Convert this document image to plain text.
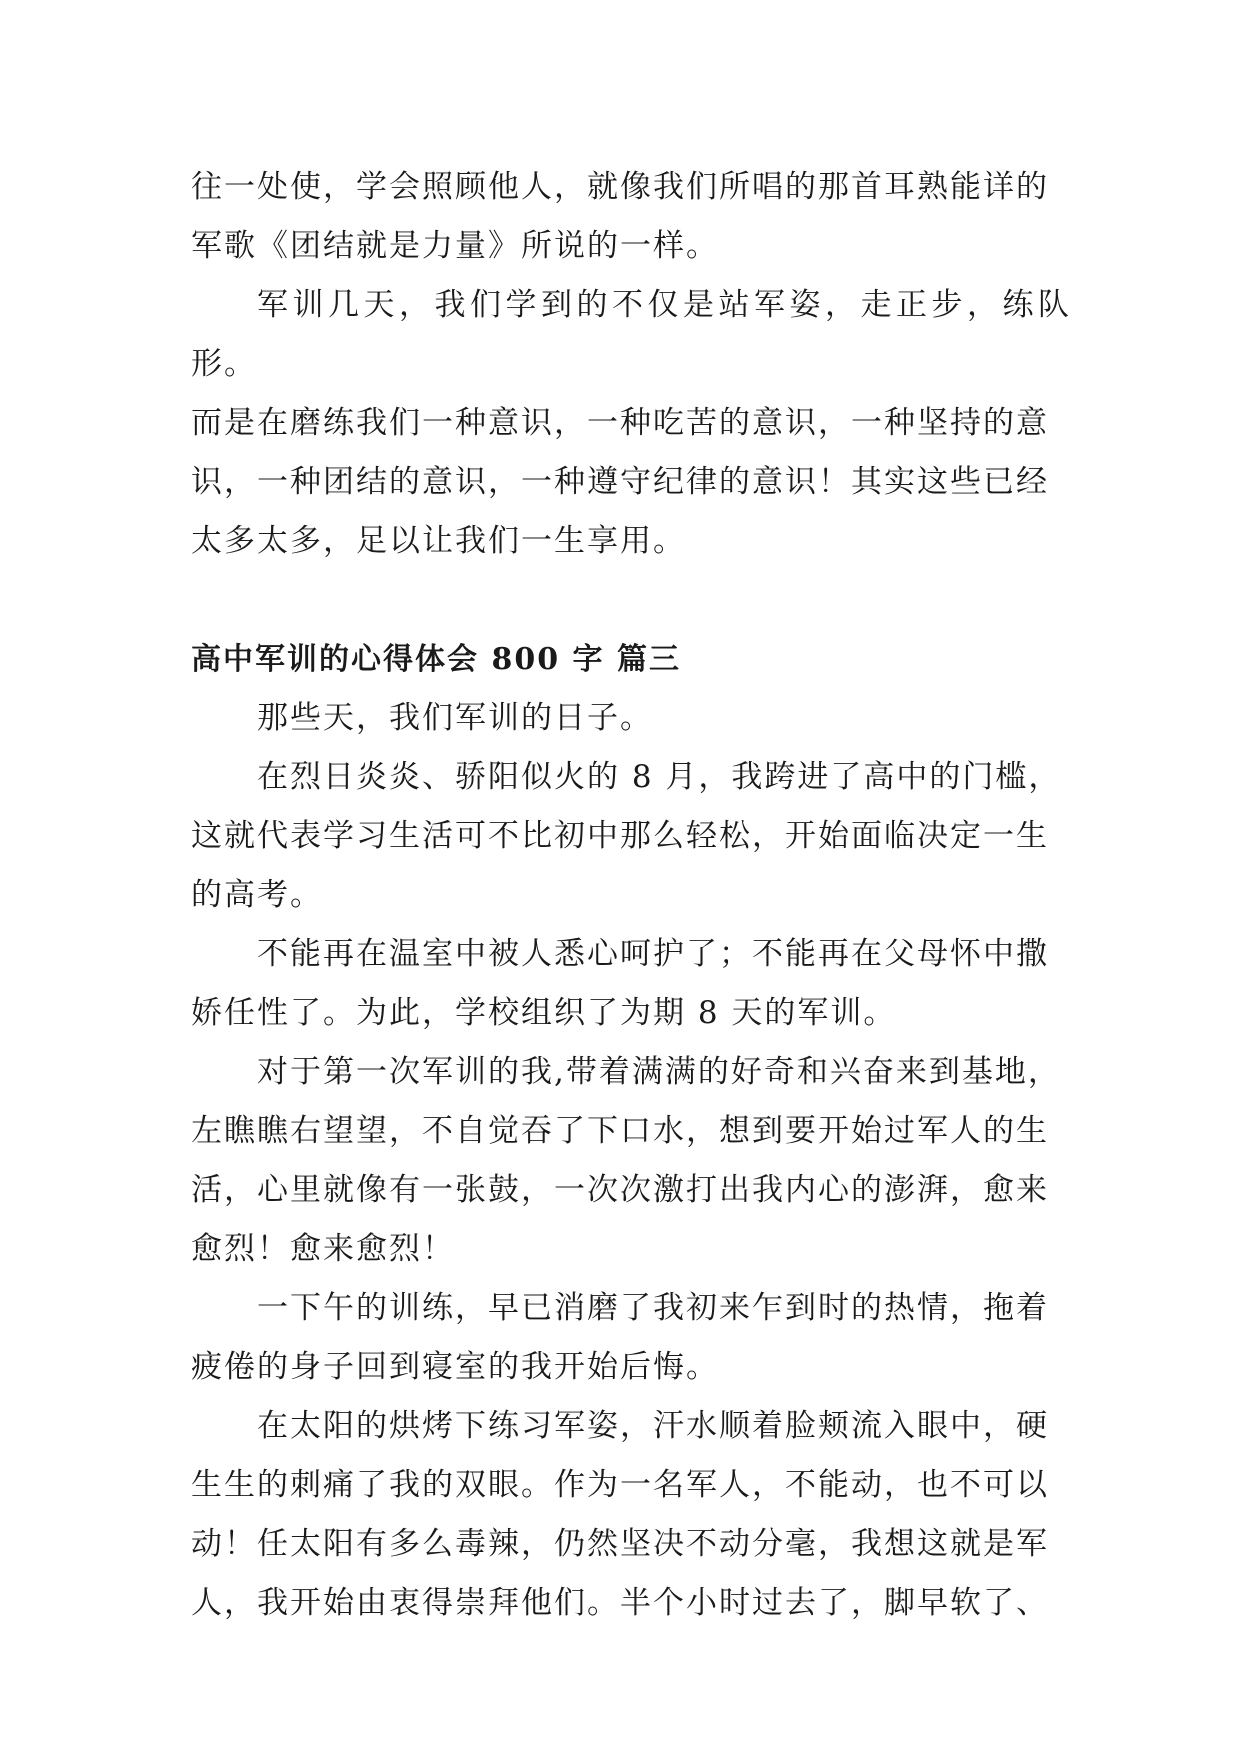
往一处使，学会照顾他人，就像我们所唱的那首耳熟能详的
军歌《团结就是力量》所说的一样。

军训几天，我们学到的不仅是站军姿，走正步，练队形。
而是在磨练我们一种意识，一种吃苦的意识，一种坚持的意
识，一种团结的意识，一种遵守纪律的意识！其实这些已经
太多太多，足以让我们一生享用。

高中军训的心得体会 800 字 篇三

那些天，我们军训的日子。

在烈日炎炎、骄阳似火的 8 月，我跨进了高中的门槛，
这就代表学习生活可不比初中那么轻松，开始面临决定一生
的高考。

不能再在温室中被人悉心呵护了；不能再在父母怀中撒
娇任性了。为此，学校组织了为期 8 天的军训。

对于第一次军训的我,带着满满的好奇和兴奋来到基地，
左瞧瞧右望望，不自觉吞了下口水，想到要开始过军人的生
活，心里就像有一张鼓，一次次激打出我内心的澎湃，愈来
愈烈！愈来愈烈！

一下午的训练，早已消磨了我初来乍到时的热情，拖着
疲倦的身子回到寝室的我开始后悔。

在太阳的烘烤下练习军姿，汗水顺着脸颊流入眼中，硬
生生的刺痛了我的双眼。作为一名军人，不能动，也不可以
动！任太阳有多么毒辣，仍然坚决不动分毫，我想这就是军
人，我开始由衷得崇拜他们。半个小时过去了，脚早软了、
